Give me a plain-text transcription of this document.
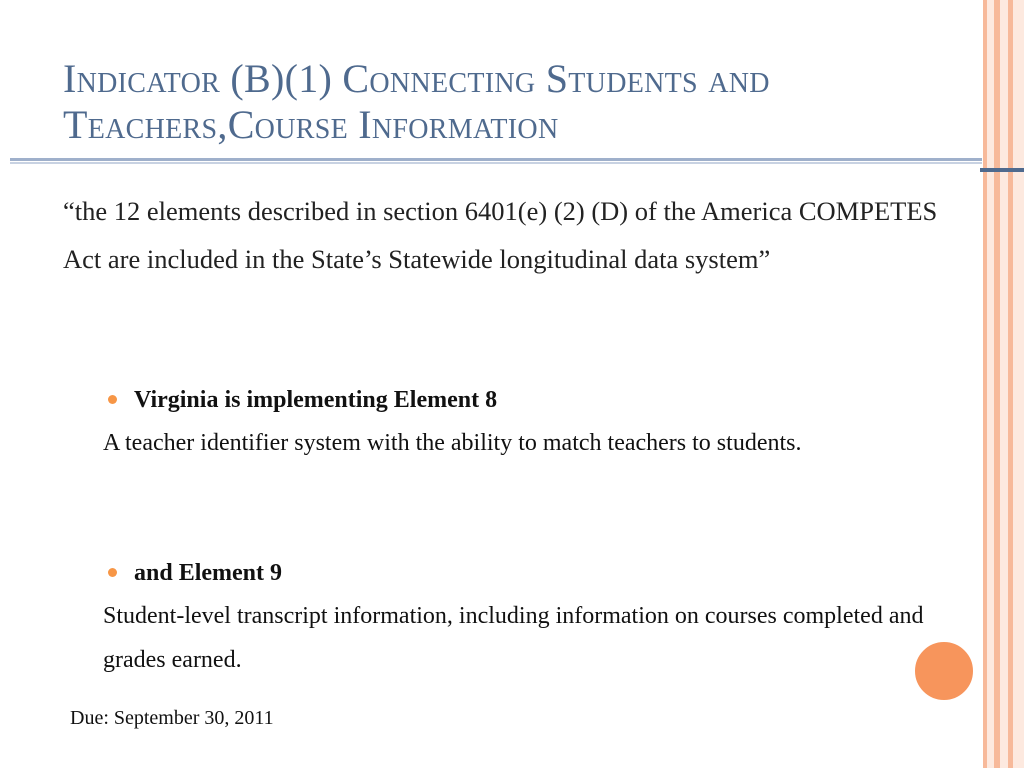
Indicator (B)(1) Connecting Students and Teachers,Course Information

“the 12 elements described in section 6401(e) (2) (D) of the America COMPETES Act are included in the State’s Statewide longitudinal data system”

Virginia is implementing Element 8

A teacher identifier system with the ability to match teachers to students.

and Element 9

Student-level transcript information, including information on courses completed and grades earned.

Due: September 30, 2011
